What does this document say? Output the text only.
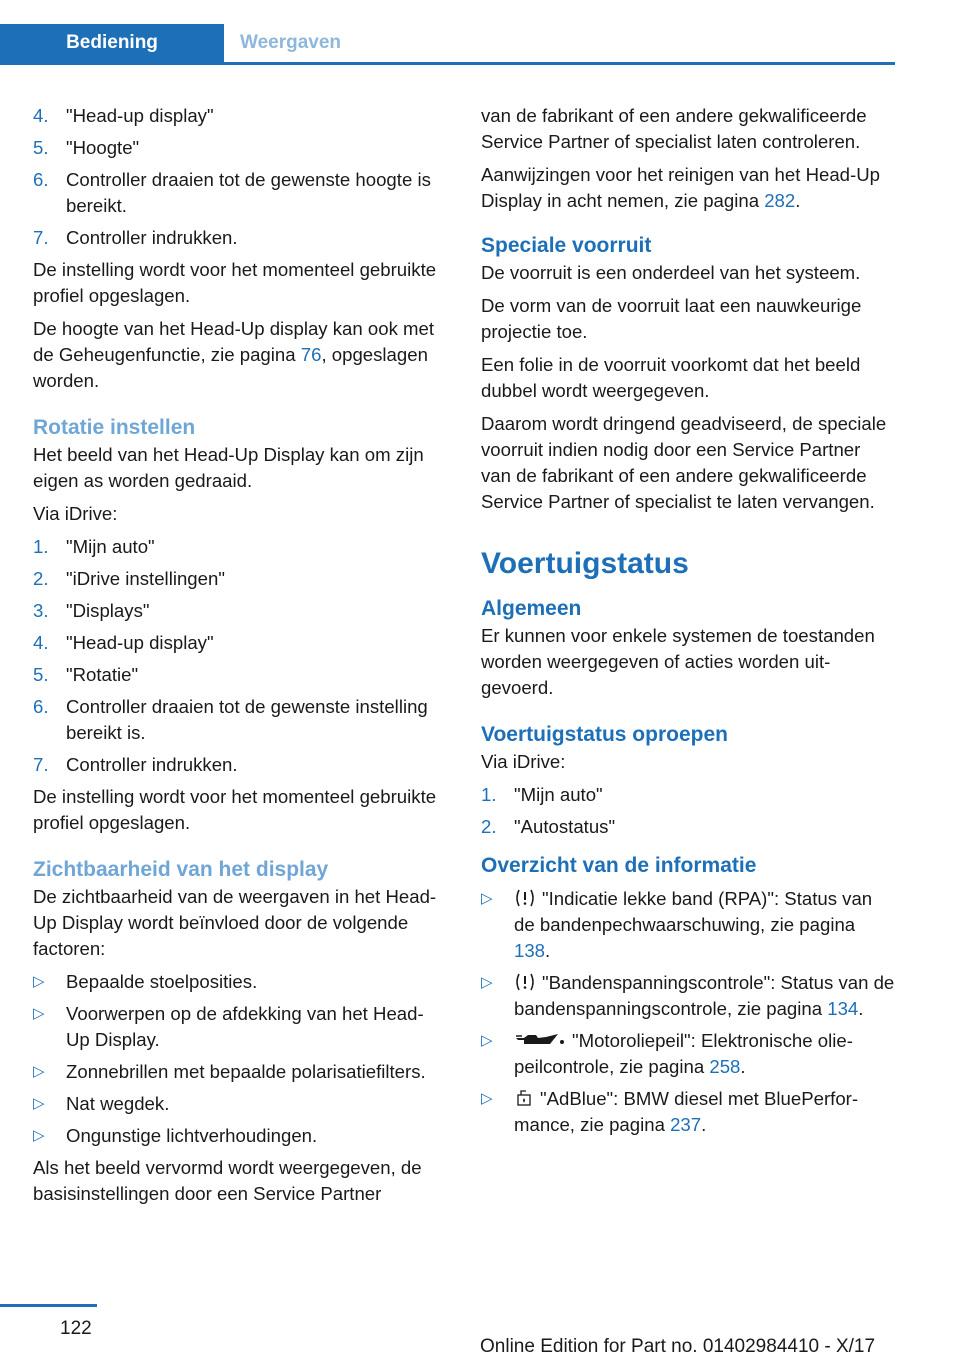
Bediening	Weergaven
4. "Head-up display"
5. "Hoogte"
6. Controller draaien tot de gewenste hoogte is bereikt.
7. Controller indrukken.

De instelling wordt voor het momenteel gebruikte profiel opgeslagen.

De hoogte van het Head-Up display kan ook met de Geheugenfunctie, zie pagina 76, opgeslagen worden.

Rotatie instellen

Het beeld van het Head-Up Display kan om zijn eigen as worden gedraaid.

Via iDrive:

1. "Mijn auto"
2. "iDrive instellingen"
3. "Displays"
4. "Head-up display"
5. "Rotatie"
6. Controller draaien tot de gewenste instelling bereikt is.
7. Controller indrukken.

De instelling wordt voor het momenteel gebruikte profiel opgeslagen.

Zichtbaarheid van het display

De zichtbaarheid van de weergaven in het Head-Up Display wordt beïnvloed door de volgende factoren:

▷ Bepaalde stoelposities.
▷ Voorwerpen op de afdekking van het Head-Up Display.
▷ Zonnebrillen met bepaalde polarisatiefilters.
▷ Nat wegdek.
▷ Ongunstige lichtverhoudingen.

Als het beeld vervormd wordt weergegeven, de basisinstellingen door een Service Partner

van de fabrikant of een andere gekwalificeerde Service Partner of specialist laten controleren.

Aanwijzingen voor het reinigen van het Head-Up Display in acht nemen, zie pagina 282.

Speciale voorruit

De voorruit is een onderdeel van het systeem.

De vorm van de voorruit laat een nauwkeurige projectie toe.

Een folie in de voorruit voorkomt dat het beeld dubbel wordt weergegeven.

Daarom wordt dringend geadviseerd, de speciale voorruit indien nodig door een Service Partner van de fabrikant of een andere gekwalificeerde Service Partner of specialist te laten vervangen.

Voertuigstatus
Algemeen

Er kunnen voor enkele systemen de toestanden worden weergegeven of acties worden uitgevoerd.

Voertuigstatus oproepen

Via iDrive:

1. "Mijn auto"
2. "Autostatus"
Overzicht van de informatie
▷	"Indicatie lekke band (RPA)": Status van de bandenpechwaarschuwing, zie pagina 138.
▷	"Bandenspanningscontrole": Status van de bandenspanningscontrole, zie pagina 134.
▷	"Motoroliepeil": Elektronische oliepeilcontrole, zie pagina 258.
▷	"AdBlue": BMW diesel met BluePerformance, zie pagina 237.
122
Online Edition for Part no. 01402984410 - X/17
